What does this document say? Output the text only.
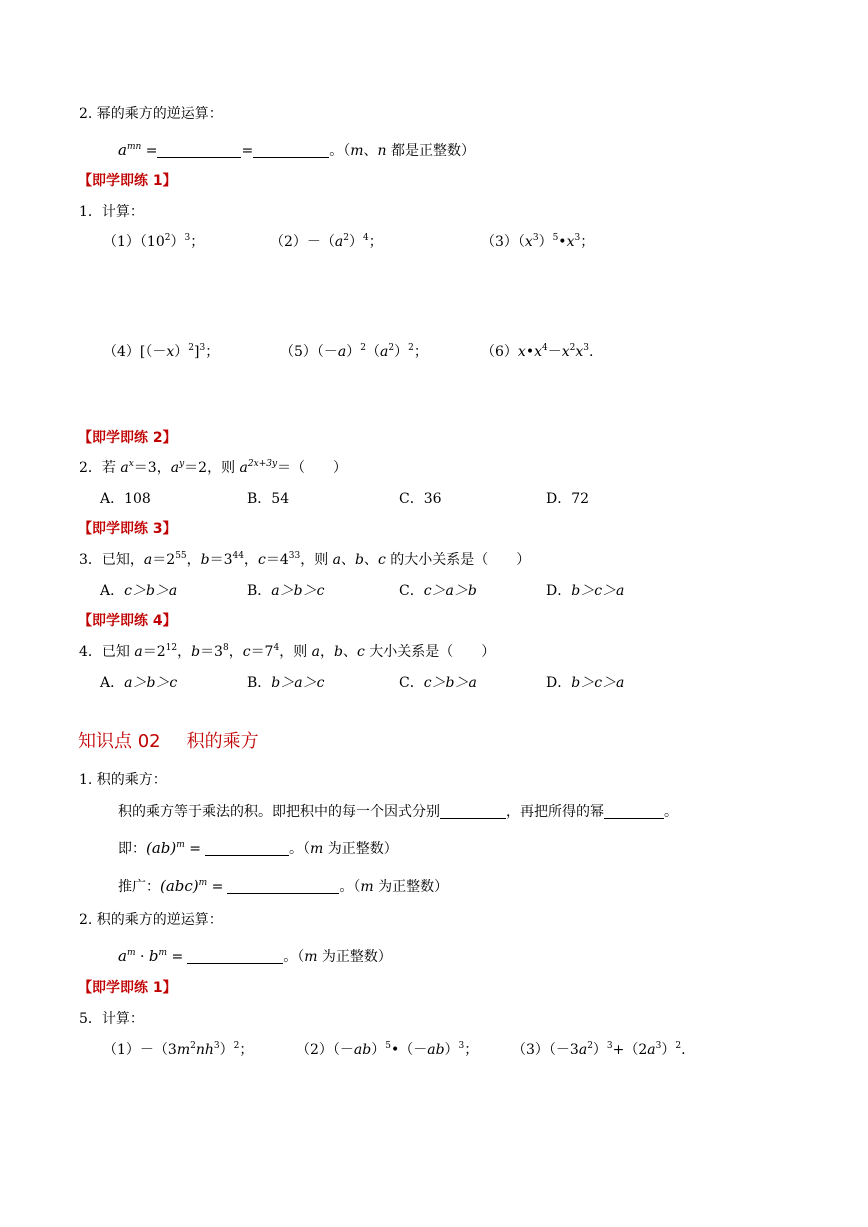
2. 幂的乘方的逆运算：
$a^{mn}$ =	=	。（m、n 都是正整数）
【即学即练 1】
1．计算：
$(1)(10^2)^3$；	$(2)-(a^2)^4$；	$(3)(x^3)^5•x^3$；
$(4)[(-x)^2]^3$；	$(5)(-a)^2(a^2)^2$；	$(6)x•x^4-x^2x^3$.
【即学即练 2】
2．若 $a^x=3$，$a^y=2$，则 $a^{2x+3y}=$（　　）
A．108	B．54	C．36	D．72
【即学即练 3】
3．已知，$a=2^{55}$，$b=3^{44}$，$c=4^{33}$，则 a、b、c 的大小关系是（　　）
A．c＞b＞a	B．a＞b＞c	C．c＞a＞b	D．b＞c＞a
【即学即练 4】
4．已知 $a=2^{12}$，$b=3^8$，$c=7^4$，则 a，b、c 大小关系是（　　）
A．a＞b＞c	B．b＞a＞c	C．c＞b＞a	D．b＞c＞a
知识点 02 积的乘方
1. 积的乘方：
积的乘方等于乘法的积。即把积中的每一个因式分别	，再把所得的幂	。
即：(ab)$^m$ =	。（m 为正整数）
推广：(abc)$^m$ =	。（m 为正整数）
2. 积的乘方的逆运算：
$a^m \cdot b^m$ =	。（m 为正整数）
【即学即练 1】
5．计算：
$(1)-(3m^2nh^3)^2$；	$(2)(-ab)^5•(-ab)^3$； $(3)(-3a^2)^3+(2a^3)^2$.
